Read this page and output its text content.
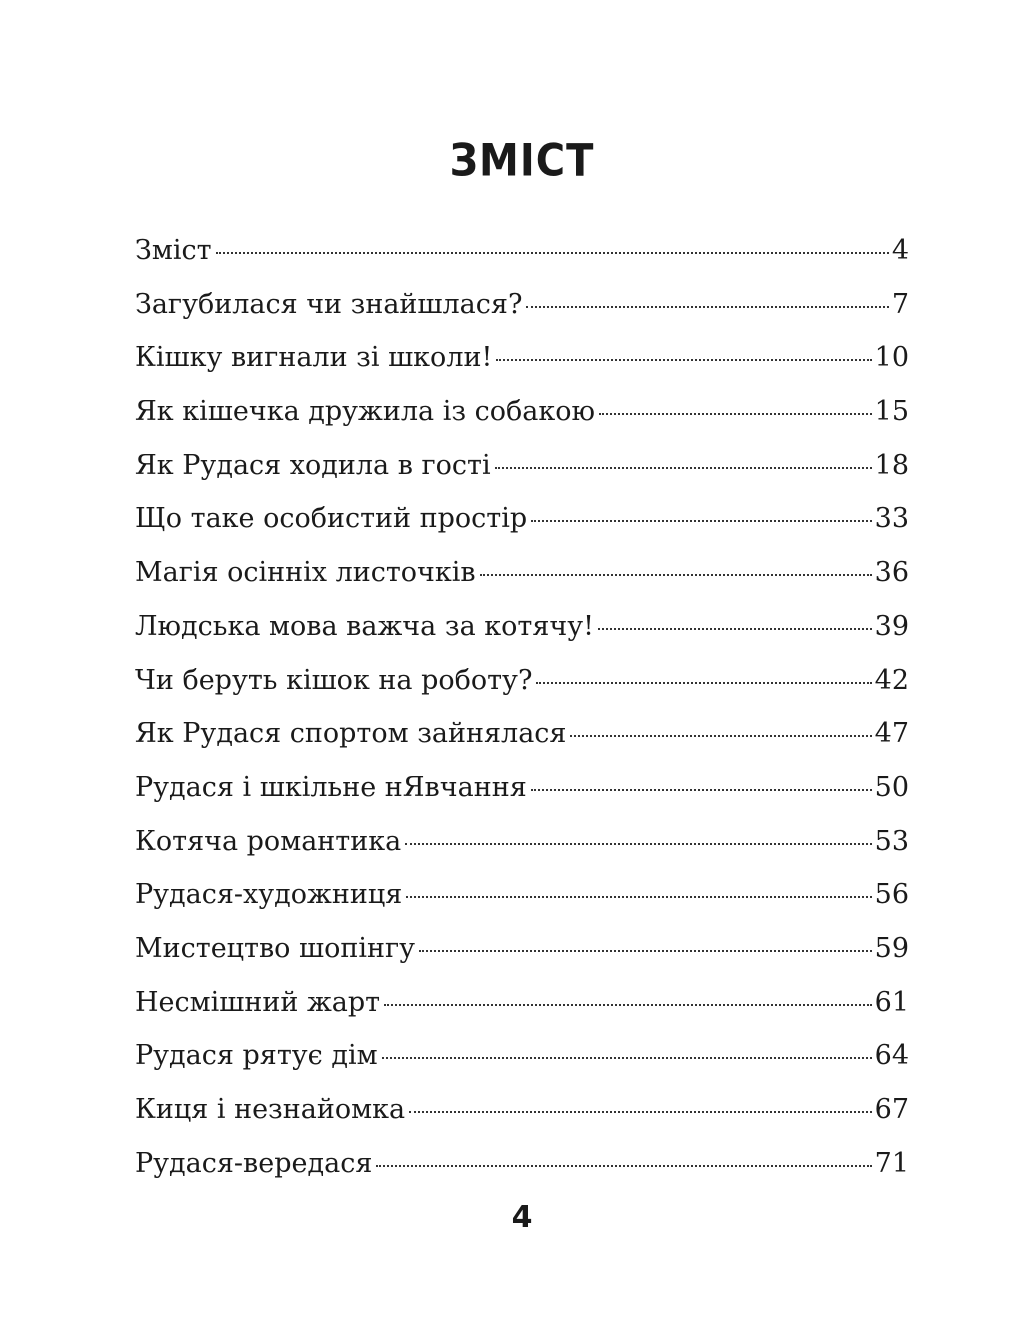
ЗМІСТ
Зміст	4
Загубилася чи знайшлася?	7
Кішку вигнали зі школи!	10
Як кішечка дружила із собакою	15
Як Рудася ходила в гості	18
Що таке особистий простір	33
Магія осінніх листочків	36
Людська мова важча за котячу!	39
Чи беруть кішок на роботу?	42
Як Рудася спортом зайнялася	47
Рудася і шкільне нЯвчання	50
Котяча романтика	53
Рудася-художниця	56
Мистецтво шопінгу	59
Несмішний жарт	61
Рудася рятує дім	64
Киця і незнайомка	67
Рудася-вередася	71
4
